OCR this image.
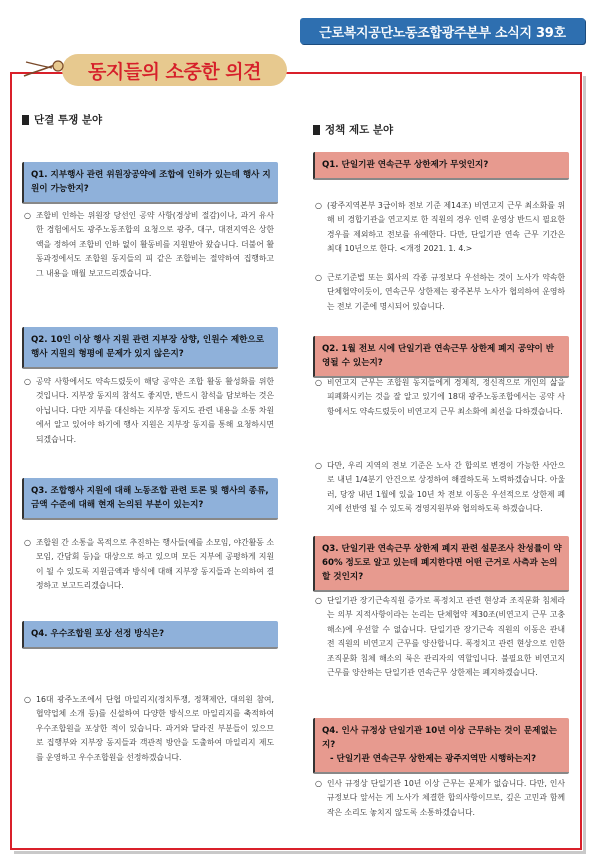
근로복지공단노동조합광주본부 소식지 39호
동지들의 소중한 의견
단결 투쟁 분야
Q1. 지부행사 관련 위원장공약에 조합에 인하가 있는데 행사 지원이 가능한지?

○ 조합비 인하는 위원장 당선인 공약 사항(경상비 절감)이나, 과거 유사한 경험에서도 광주노동조합의 요청으로 광주, 대구, 대전지역은 상한액을 정하여 조합비 인하 없이 활동비를 지원받아 왔습니다. 더불어 활동과정에서도 조합원 동지들의 피 같은 조합비는 절약하여 집행하고 그 내용을 매월 보고드리겠습니다.

Q2. 10인 이상 행사 지원 관련 지부장 상향, 인원수 제한으로 행사 지원의 형평에 문제가 있지 않은지?

○ 공약 사항에서도 약속드렸듯이 해당 공약은 조합 활동 활성화를 위한 것입니다. 지부장 동지의 참석도 좋지만, 반드시 참석을 담보하는 것은 아닙니다. 다만 지부를 대신하는 지부장 동지도 관련 내용을 소통 차원에서 알고 있어야 하기에 행사 지원은 지부장 동지를 통해 요청하시면 되겠습니다.

Q3. 조합행사 지원에 대해 노동조합 관련 토론 및 행사의 종류, 금액 수준에 대해 현재 논의된 부분이 있는지?

○ 조합원 간 소통을 목적으로 추진하는 행사들(예를 소모임, 야간활동 소모임, 간담회 등)을 대상으로 하고 있으며 모든 지부에 공평하게 지원이 될 수 있도록 지원금액과 방식에 대해 지부장 동지들과 논의하여 결정하고 보고드리겠습니다.

Q4. 우수조합원 포상 선정 방식은?

○ 16대 광주노조에서 단협 마일리지(정치투쟁, 정책제안, 대의원 참여, 협약업체 소개 등)를 신설하여 다양한 방식으로 마일리지를 축적하여 우수조합원을 포상한 적이 있습니다. 과거와 달라진 부분들이 있으므로 집행부와 지부장 동지들과 객관적 방안을 도출하여 마일리지 제도를 운영하고 우수조합원을 선정하겠습니다.

정책 제도 분야
Q1. 단일기관 연속근무 상한제가 무엇인지?

○ (광주지역본부 3급이하 전보 기준 제14조) 비연고지 근무 최소화를 위해 비 경합기관을 연고지로 한 직원의 경우 인력 운영상 반드시 필요한 경우를 제외하고 전보를 유예한다. 다만, 단일기관 연속 근무 기간은 최대 10년으로 한다. <개정 2021. 1. 4.>

○ 근로기준법 또는 회사의 각종 규정보다 우선하는 것이 노사가 약속한 단체협약이듯이, 연속근무 상한제는 광주본부 노사가 협의하여 운영하는 전보 기준에 명시되어 있습니다.

Q2. 1월 전보 시에 단일기관 연속근무 상한제 폐지 공약이 반영될 수 있는지?

○ 비연고지 근무는 조합원 동지들에게 경제적, 정신적으로 개인의 삶을 피폐화시키는 것을 잘 알고 있기에 18대 광주노동조합에서는 공약 사항에서도 약속드렸듯이 비연고지 근무 최소화에 최선을 다하겠습니다.

○ 다만, 우리 지역의 전보 기준은 노사 간 합의로 변경이 가능한 사안으로 내년 1/4분기 안건으로 상정하여 해결하도록 노력하겠습니다. 아울러, 당장 내년 1월에 있을 10년 차 전보 이동은 우선적으로 상한제 폐지에 선반영 될 수 있도록 경영지원부와 협의하도록 하겠습니다.

Q3. 단일기관 연속근무 상한제 폐지 관련 설문조사 찬성률이 약 60% 정도로 알고 있는데 폐지한다면 어떤 근거로 사측과 논의할 것인지?

○ 단일기관 장기근속직원 증가로 폭정치고 관련 현상과 조직문화 침체라는 의부 지적사항이라는 논리는 단체협약 제30조(비연고지 근무 고충해소)에 우선할 수 없습니다. 단일기관 장기근속 직원의 이동은 관내 전 직원의 비연고지 근무를 양산합니다. 폭정치고 관련 현상으로 인한 조직문화 침체 해소의 룩은 관리자의 역할입니다. 불필요한 비연고지 근무를 양산하는 단일기관 연속근무 상한제는 폐지하겠습니다.

Q4. 인사 규정상 단일기관 10년 이상 근무하는 것이 문제없는지?
- 단일기관 연속근무 상한제는 광주지역만 시행하는지?

○ 인사 규정상 단일기관 10년 이상 근무는 문제가 없습니다. 다만, 인사규정보다 앞서는 게 노사가 체결한 합의사항이므로, 깊은 고민과 함께 작은 소리도 놓치지 않도록 소통하겠습니다.
